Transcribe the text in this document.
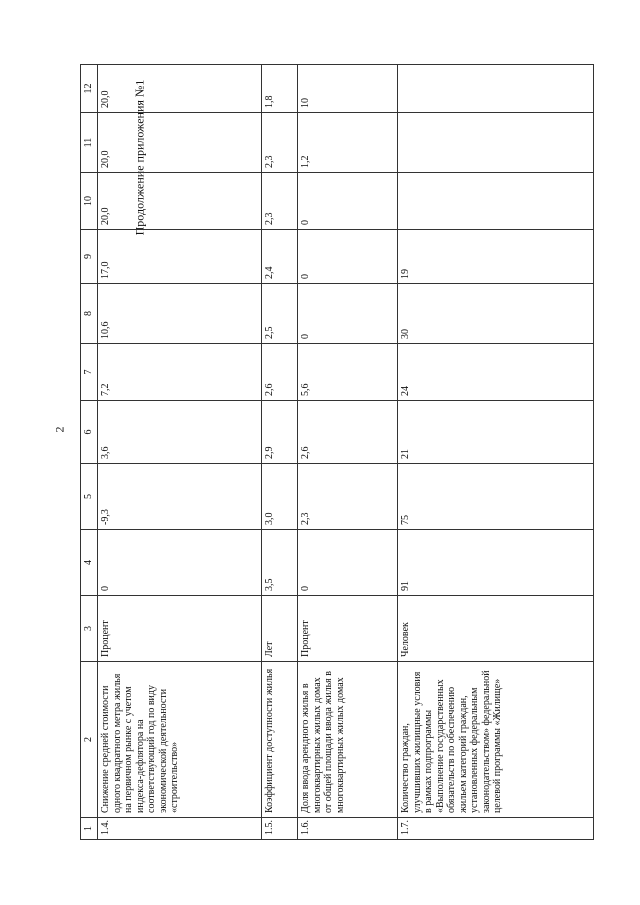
2
Продолжение приложения №1
1	2	3	4	5	6	7	8	9	10	11	12
1.4.	Снижение средней стоимости одного квадратного метра жилья на первичном рынке с учетом индекса-дефлятора на соответствующий год по виду экономической деятельности «строительство»	Процент	0	-9,3	3,6	7,2	10,6	17,0	20,0	20,0	20,0
1.5.	Коэффициент доступности жилья	Лет	3,5	3,0	2,9	2,6	2,5	2,4	2,3	2,3	1,8
1.6.	Доля ввода арендного жилья в многоквартирных жилых домах от общей площади ввода жилья в многоквартирных жилых домах	Процент	0	2,3	2,6	5,6	0	0	0	1,2	10
1.7.	Количество граждан, улучшивших жилищные условия в рамках подпрограммы «Выполнение государственных обязательств по обеспечению жильем категорий граждан, установленных федеральным законодательством» федеральной целевой программы «Жилище»	Человек	91	75	21	24	30	19			
